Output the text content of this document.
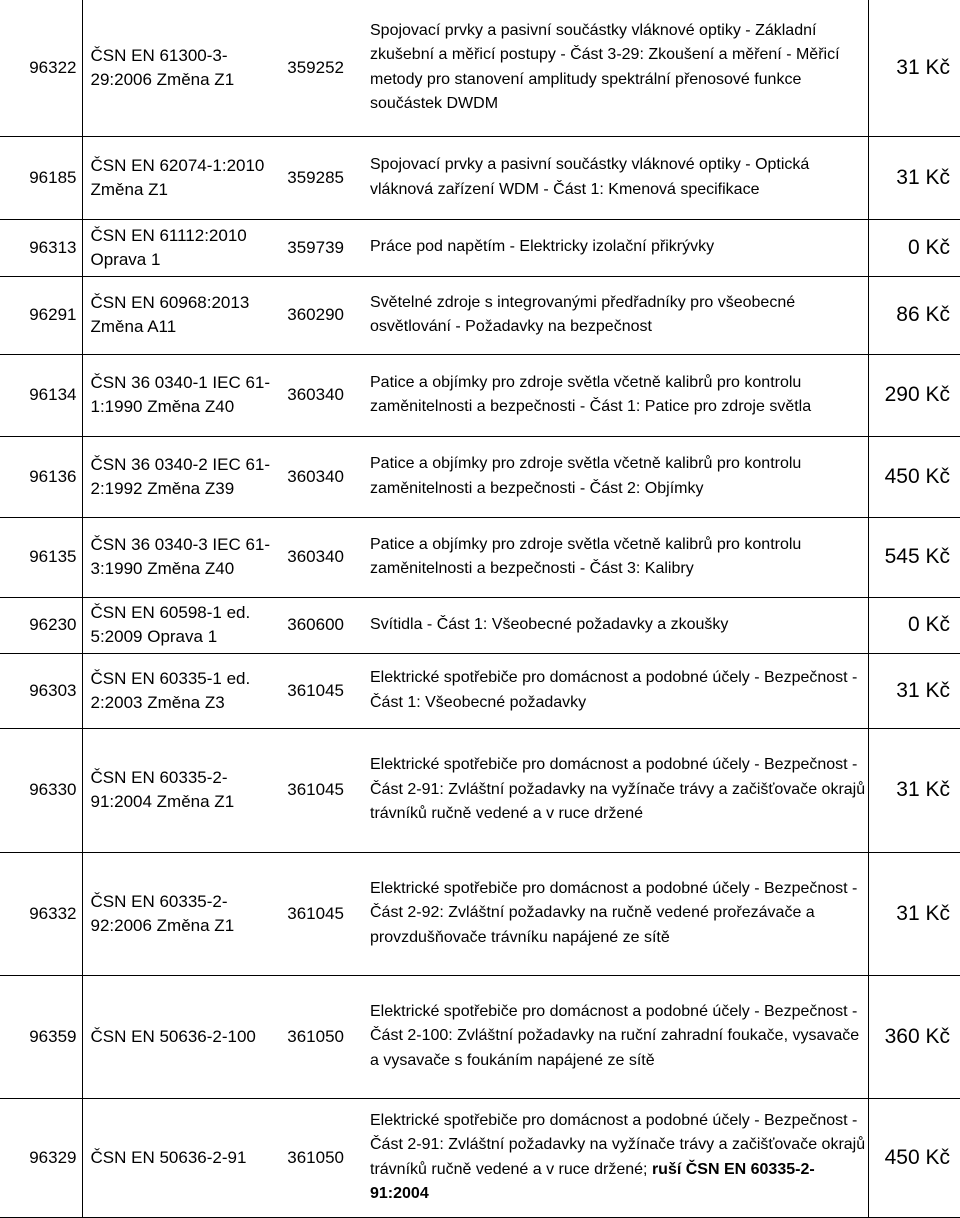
96322	ČSN EN 61300-3-29:2006 Změna Z1	359252	Spojovací prvky a pasivní součástky vláknové optiky - Základní zkušební a měřicí postupy - Část 3-29: Zkoušení a měření - Měřicí metody pro stanovení amplitudy spektrální přenosové funkce součástek DWDM	31 Kč
96185	ČSN EN 62074-1:2010 Změna Z1	359285	Spojovací prvky a pasivní součástky vláknové optiky - Optická vláknová zařízení WDM - Část 1: Kmenová specifikace	31 Kč
96313	ČSN EN 61112:2010 Oprava 1	359739	Práce pod napětím - Elektricky izolační přikrývky	0 Kč
96291	ČSN EN 60968:2013 Změna A11	360290	Světelné zdroje s integrovanými předřadníky pro všeobecné osvětlování - Požadavky na bezpečnost	86 Kč
96134	ČSN 36 0340-1 IEC 61-1:1990 Změna Z40	360340	Patice a objímky pro zdroje světla včetně kalibrů pro kontrolu zaměnitelnosti a bezpečnosti - Část 1: Patice pro zdroje světla	290 Kč
96136	ČSN 36 0340-2 IEC 61-2:1992 Změna Z39	360340	Patice a objímky pro zdroje světla včetně kalibrů pro kontrolu zaměnitelnosti a bezpečnosti - Část 2: Objímky	450 Kč
96135	ČSN 36 0340-3 IEC 61-3:1990 Změna Z40	360340	Patice a objímky pro zdroje světla včetně kalibrů pro kontrolu zaměnitelnosti a bezpečnosti - Část 3: Kalibry	545 Kč
96230	ČSN EN 60598-1 ed. 5:2009 Oprava 1	360600	Svítidla - Část 1: Všeobecné požadavky a zkoušky	0 Kč
96303	ČSN EN 60335-1 ed. 2:2003 Změna Z3	361045	Elektrické spotřebiče pro domácnost a podobné účely - Bezpečnost - Část 1: Všeobecné požadavky	31 Kč
96330	ČSN EN 60335-2-91:2004 Změna Z1	361045	Elektrické spotřebiče pro domácnost a podobné účely - Bezpečnost - Část 2-91: Zvláštní požadavky na vyžínače trávy a začišťovače okrajů trávníků ručně vedené a v ruce držené	31 Kč
96332	ČSN EN 60335-2-92:2006 Změna Z1	361045	Elektrické spotřebiče pro domácnost a podobné účely - Bezpečnost - Část 2-92: Zvláštní požadavky na ručně vedené prořezávače a provzdušňovače trávníku napájené ze sítě	31 Kč
96359	ČSN EN 50636-2-100	361050	Elektrické spotřebiče pro domácnost a podobné účely - Bezpečnost - Část 2-100: Zvláštní požadavky na ruční zahradní foukače, vysavače a vysavače s foukáním napájené ze sítě	360 Kč
96329	ČSN EN 50636-2-91	361050	Elektrické spotřebiče pro domácnost a podobné účely - Bezpečnost - Část 2-91: Zvláštní požadavky na vyžínače trávy a začišťovače okrajů trávníků ručně vedené a v ruce držené; ruší ČSN EN 60335-2-91:2004	450 Kč
